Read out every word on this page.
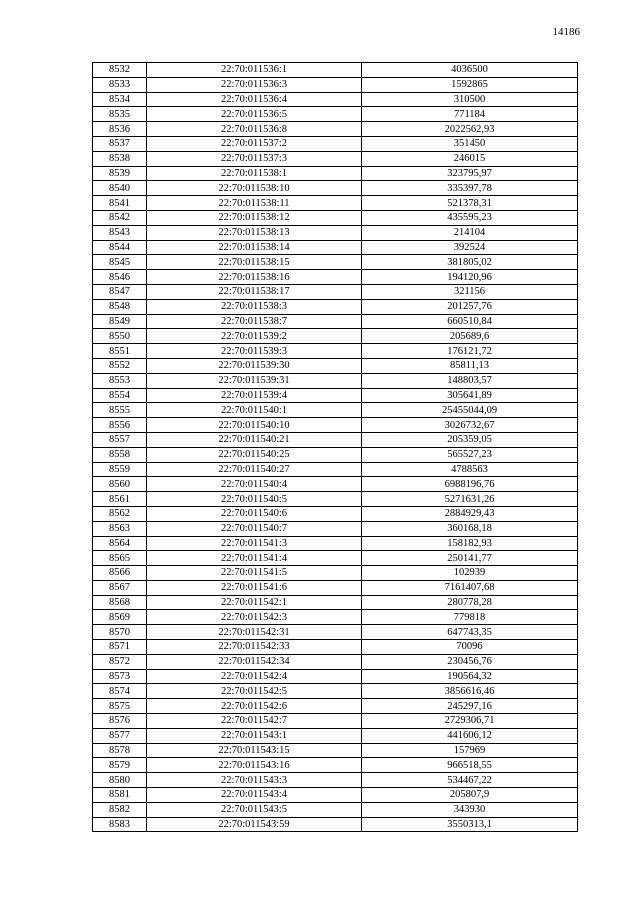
14186
8532	22:70:011536:1	4036500
8533	22:70:011536:3	1592865
8534	22:70:011536:4	310500
8535	22:70:011536:5	771184
8536	22:70:011536:8	2022562,93
8537	22:70:011537:2	351450
8538	22:70:011537:3	246015
8539	22:70:011538:1	323795,97
8540	22:70:011538:10	335397,78
8541	22:70:011538:11	521378,31
8542	22:70:011538:12	435595,23
8543	22:70:011538:13	214104
8544	22:70:011538:14	392524
8545	22:70:011538:15	381805,02
8546	22:70:011538:16	194120,96
8547	22:70:011538:17	321156
8548	22:70:011538:3	201257,76
8549	22:70:011538:7	660510,84
8550	22:70:011539:2	205689,6
8551	22:70:011539:3	176121,72
8552	22:70:011539:30	85811,13
8553	22:70:011539:31	148803,57
8554	22:70:011539:4	305641,89
8555	22:70:011540:1	25455044,09
8556	22:70:011540:10	3026732,67
8557	22:70:011540:21	205359,05
8558	22:70:011540:25	565527,23
8559	22:70:011540:27	4788563
8560	22:70:011540:4	6988196,76
8561	22:70:011540:5	5271631,26
8562	22:70:011540:6	2884929,43
8563	22:70:011540:7	360168,18
8564	22:70:011541:3	158182,93
8565	22:70:011541:4	250141,77
8566	22:70:011541:5	102939
8567	22:70:011541:6	7161407,68
8568	22:70:011542:1	280778,28
8569	22:70:011542:3	779818
8570	22:70:011542:31	647743,35
8571	22:70:011542:33	70096
8572	22:70:011542:34	230456,76
8573	22:70:011542:4	190564,32
8574	22:70:011542:5	3856616,46
8575	22:70:011542:6	245297,16
8576	22:70:011542:7	2729306,71
8577	22:70:011543:1	441606,12
8578	22:70:011543:15	157969
8579	22:70:011543:16	966518,55
8580	22:70:011543:3	534467,22
8581	22:70:011543:4	205807,9
8582	22:70:011543:5	343930
8583	22:70:011543:59	3550313,1
